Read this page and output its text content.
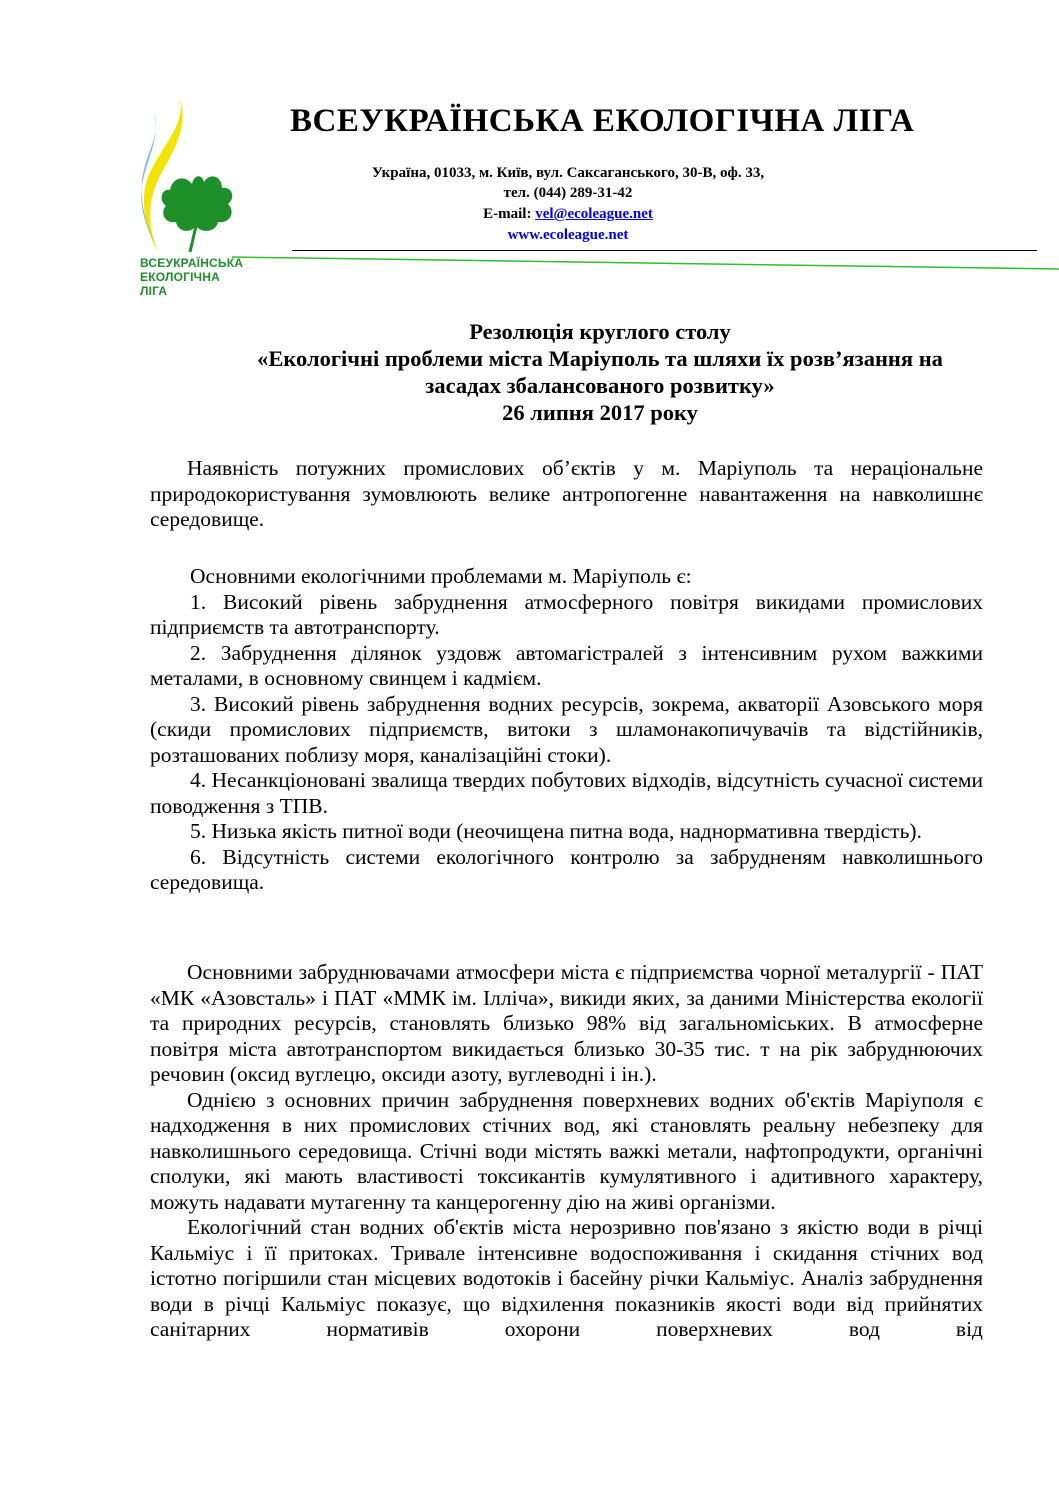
ВСЕУКРАЇНСЬКА
ЕКОЛОГІЧНА
ЛІГА
ВСЕУКРАЇНСЬКА ЕКОЛОГІЧНА ЛІГА
Україна, 01033, м. Київ, вул. Саксаганського, 30-В, оф. 33,
тел. (044) 289-31-42
E-mail: vel@ecoleague.net
www.ecoleague.net
Резолюція круглого столу
«Екологічні проблеми міста Маріуполь та шляхи їх розв’язання на
засадах збалансованого розвитку»
26 липня 2017 року

Наявність потужних промислових об’єктів у м. Маріуполь та нераціональне природокористування зумовлюють велике антропогенне навантаження на навколишнє середовище.

Основними екологічними проблемами м. Маріуполь є:

1. Високий рівень забруднення атмосферного повітря викидами промислових підприємств та автотранспорту.

2. Забруднення ділянок уздовж автомагістралей з інтенсивним рухом важкими металами, в основному свинцем і кадмієм.

3. Високий рівень забруднення водних ресурсів, зокрема, акваторії Азовського моря (скиди промислових підприємств, витоки з шламонакопичувачів та відстійників, розташованих поблизу моря, каналізаційні стоки).

4. Несанкціоновані звалища твердих побутових відходів, відсутність сучасної системи поводження з ТПВ.

5. Низька якість питної води (неочищена питна вода, наднормативна твердість).

6. Відсутність системи екологічного контролю за забрудненям навколишнього середовища.

Основними забруднювачами атмосфери міста є підприємства чорної металургії - ПАТ «МК «Азовсталь» і ПАТ «ММК ім. Ілліча», викиди яких, за даними Міністерства екології та природних ресурсів, становлять близько 98% від загальноміських. В атмосферне повітря міста автотранспортом викидається близько 30-35 тис. т на рік забруднюючих речовин (оксид вуглецю, оксиди азоту, вуглеводні і ін.).

Однією з основних причин забруднення поверхневих водних об'єктів Маріуполя є надходження в них промислових стічних вод, які становлять реальну небезпеку для навколишнього середовища. Стічні води містять важкі метали, нафтопродукти, органічні сполуки, які мають властивості токсикантів кумулятивного і адитивного характеру, можуть надавати мутагенну та канцерогенну дію на живі організми.

Екологічний стан водних об'єктів міста нерозривно пов'язано з якістю води в річці Кальміус і її притоках. Тривале інтенсивне водоспоживання і скидання стічних вод істотно погіршили стан місцевих водотоків і басейну річки Кальміус. Аналіз забруднення води в річці Кальміус показує, що відхилення показників якості води від прийнятих санітарних нормативів охорони поверхневих вод від
